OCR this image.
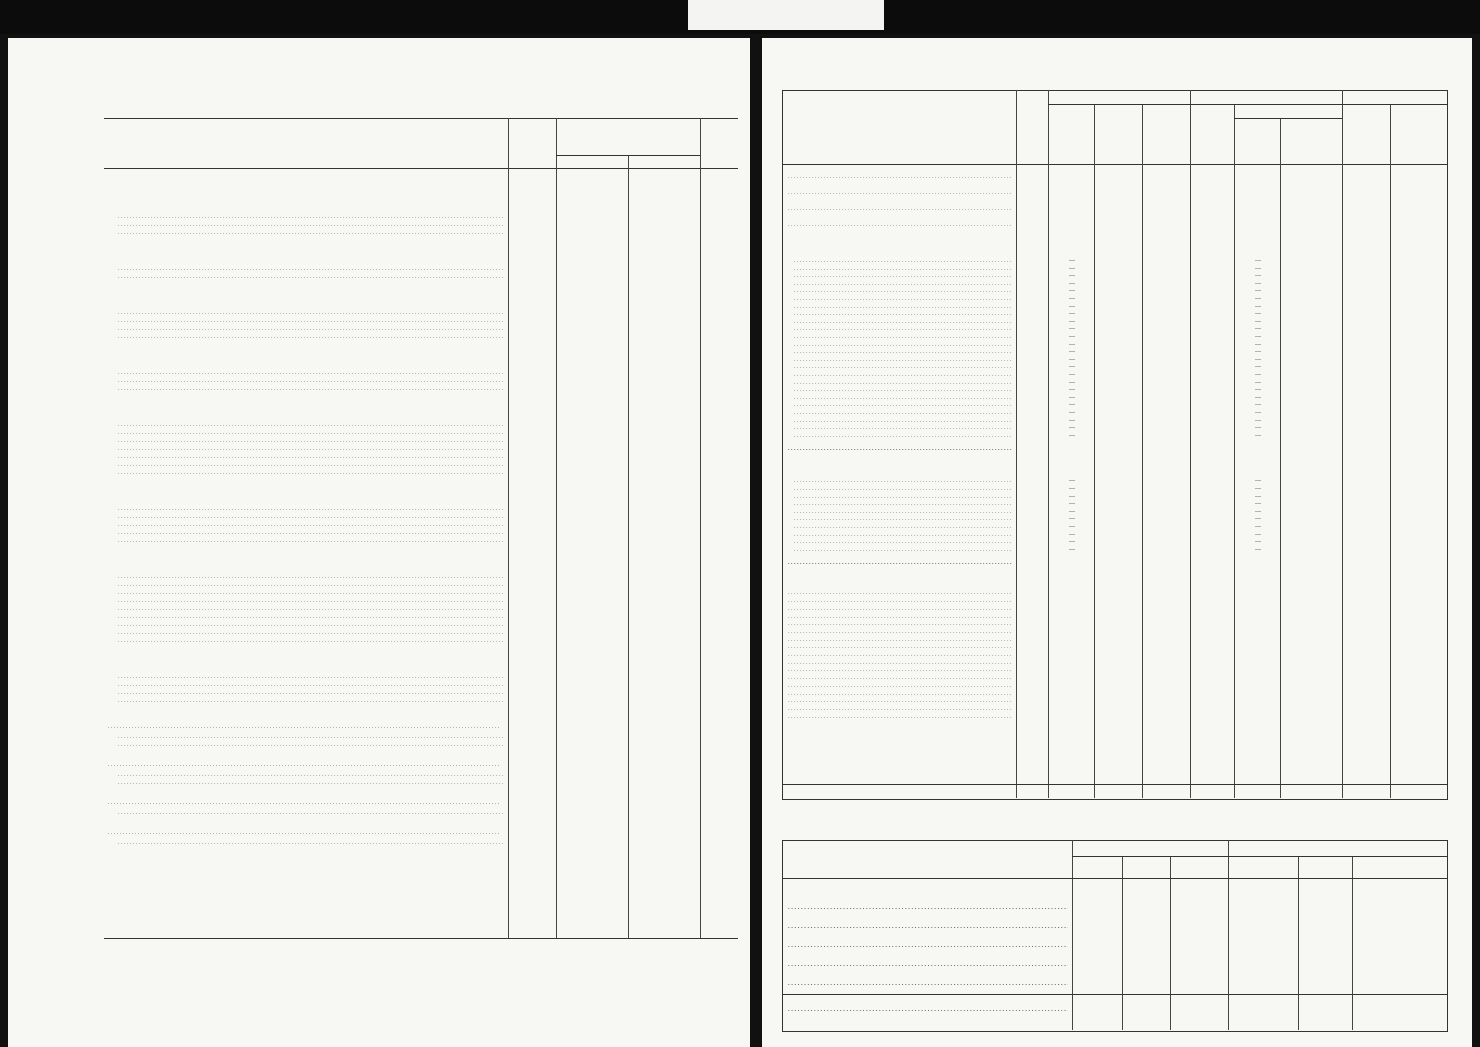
. . .
. . .
. . .
. . .
. . .
. . .
. . .
. . .
. . .
. . .
. . .
. . .
. . .
. . .
. . .
. . .
. . .
. . .
. . .
. . .
. . .
. . .
. . .
. . .
. . .
. . .
. . .
. . .
. . .
. . .
. . .
. . .
. . .
. . .
. . .
. . .
. . .
. . .
. . .
. . .
. . .
. . .
. . .
. . .
. . .
. . .
. . .
. . .
. . .
. . .
. . .
. . .
—	—
. . .
—	—
. . .
—	—
. . .
—	—
. . .
—	—
. . .
—	—
. . .
—	—
. . .
—	—
. . .
—	—
. . .
—	—
. . .
—	—
. . .
—	—
. . .
—	—
. . .
—	—
. . .
—	—
. . .
—	—
. . .
—	—
. . .
—	—
. . .
—	—
. . .
—	—
. . .
—	—
. . .
—	—
. . .
—	—
. . .
—	—
. . .
. . .
—	—
. . .
—	—
. . .
—	—
. . .
—	—
. . .
—	—
. . .
—	—
. . .
—	—
. . .
—	—
. . .
—	—
. . .
—	—
. . .
. . .
. . .
. . .
. . .
. . .
. . .
. . .
. . .
. . .
. . .
. . .
. . .
. . .
. . .
. . .
. . .
. . .
. . .
. . .
. . .
. . .
. . .
. . .
